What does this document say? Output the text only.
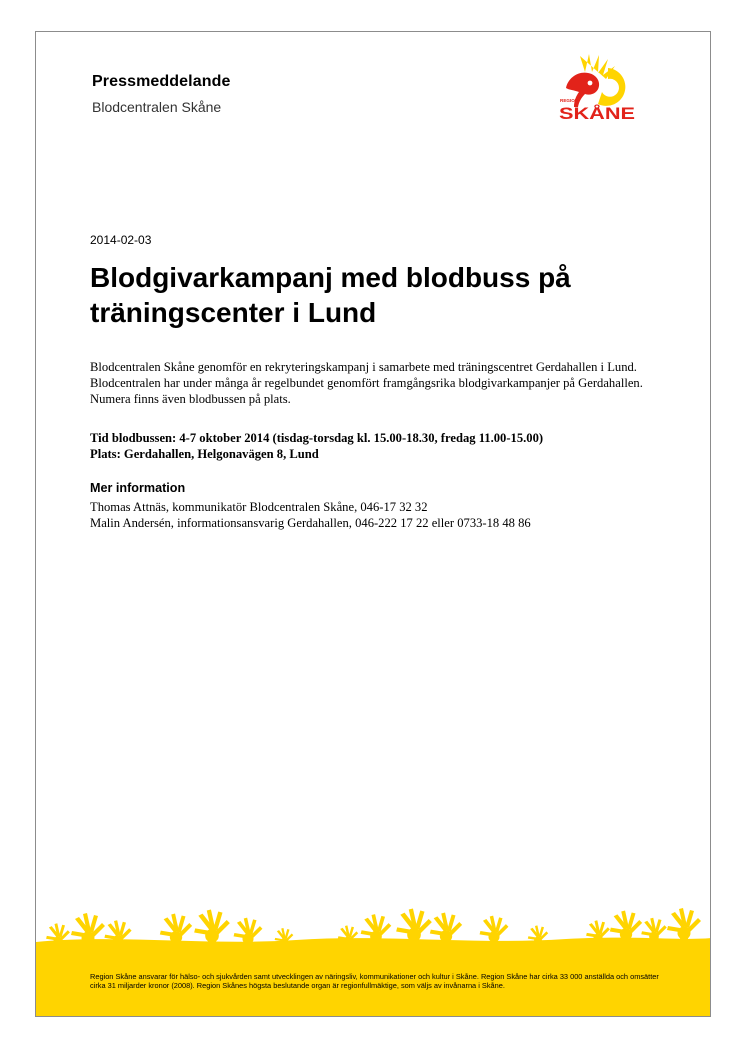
Pressmeddelande
Blodcentralen Skåne	REGION
SKÅNE
2014-02-03
Blodgivarkampanj med blodbuss på träningscenter i Lund

Blodcentralen Skåne genomför en rekryteringskampanj i samarbete med träningscentret Gerdahallen i Lund. Blodcentralen har under många år regelbundet genomfört framgångsrika blodgivarkampanjer på Gerdahallen. Numera finns även blodbussen på plats.

Tid blodbussen: 4-7 oktober 2014 (tisdag-torsdag kl. 15.00-18.30, fredag 11.00-15.00)
Plats: Gerdahallen, Helgonavägen 8, Lund
Mer information
Thomas Attnäs, kommunikatör Blodcentralen Skåne, 046-17 32 32
Malin Andersén, informationsansvarig Gerdahallen, 046-222 17 22 eller 0733-18 48 86

Region Skåne ansvarar för hälso- och sjukvården samt utvecklingen av näringsliv, kommunikationer och kultur i Skåne. Region Skåne har cirka 33 000 anställda och omsätter cirka 31 miljarder kronor (2008). Region Skånes högsta beslutande organ är regionfullmäktige, som väljs av invånarna i Skåne.
